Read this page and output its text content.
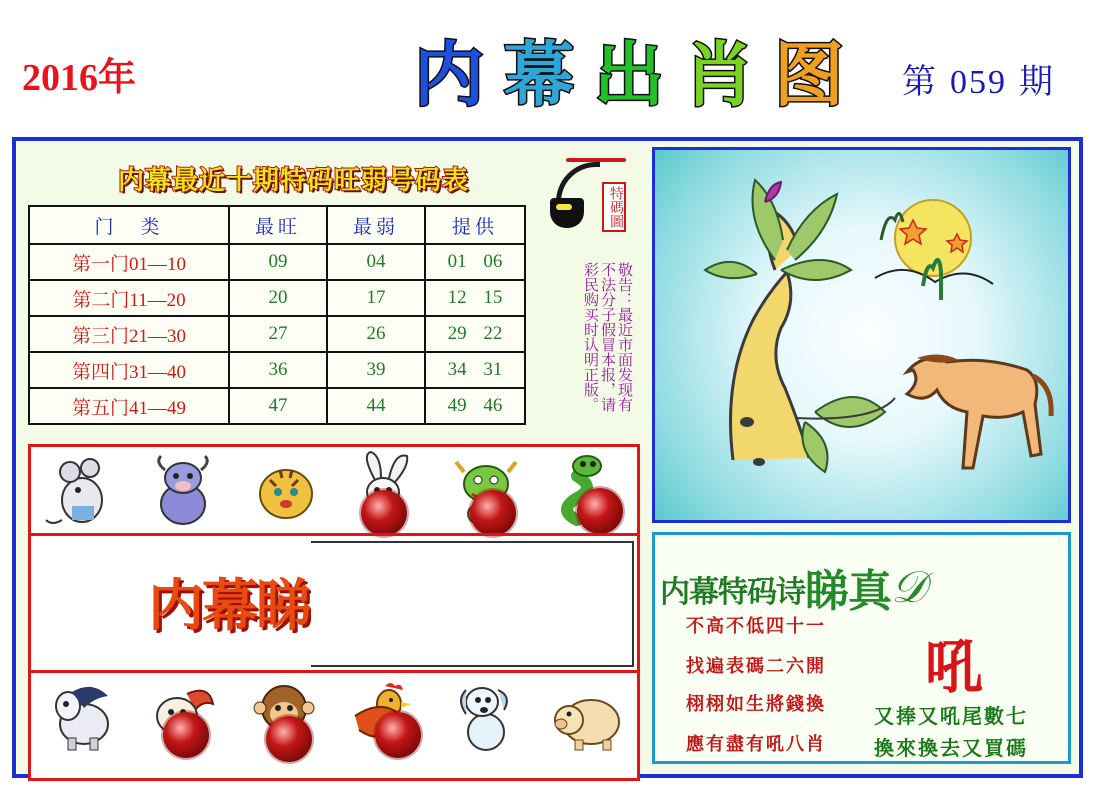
2016年	内 幕 出 肖 图 第 059 期
内幕最近十期特码旺弱号码表
门　类	最旺	最弱	提供
第一门01—10	09	04	01 06
第二门11—20	20	17	12 15
第三门21—30	27	26	29 22
第四门31—40	36	39	34 31
第五门41—49	47	44	49 46
特碼圖
敬告：最近市面发现有不法分子假冒本报，请彩民购买时认明正版。
内幕睇	内幕特码诗睇真𝒟
不高不低四十一
找遍表碼二六開
栩栩如生將錢換
應有盡有吼八肖
吼
又捧又吼尾數七
換來換去又買碼
